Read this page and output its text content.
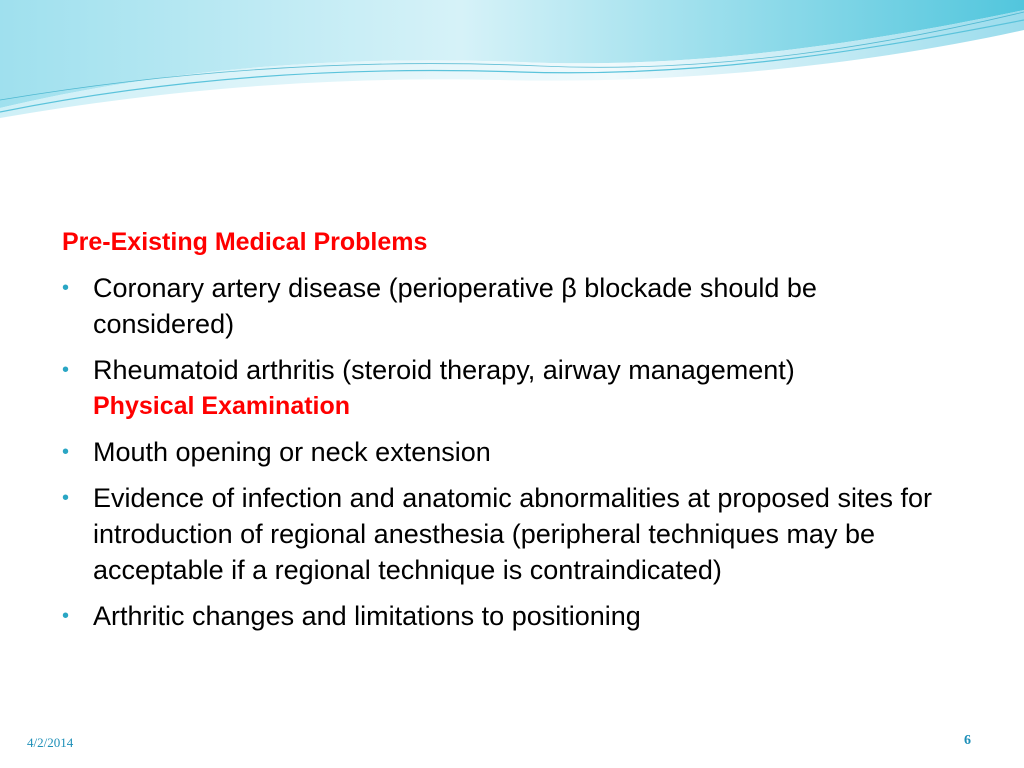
Pre-Existing Medical Problems

• Coronary artery disease (perioperative β blockade should be considered)
• Rheumatoid arthritis (steroid therapy, airway management)
Physical Examination
• Mouth opening or neck extension
• Evidence of infection and anatomic abnormalities at proposed sites for introduction of regional anesthesia (peripheral techniques may be acceptable if a regional technique is contraindicated)
• Arthritic changes and limitations to positioning
4/2/2014	6
